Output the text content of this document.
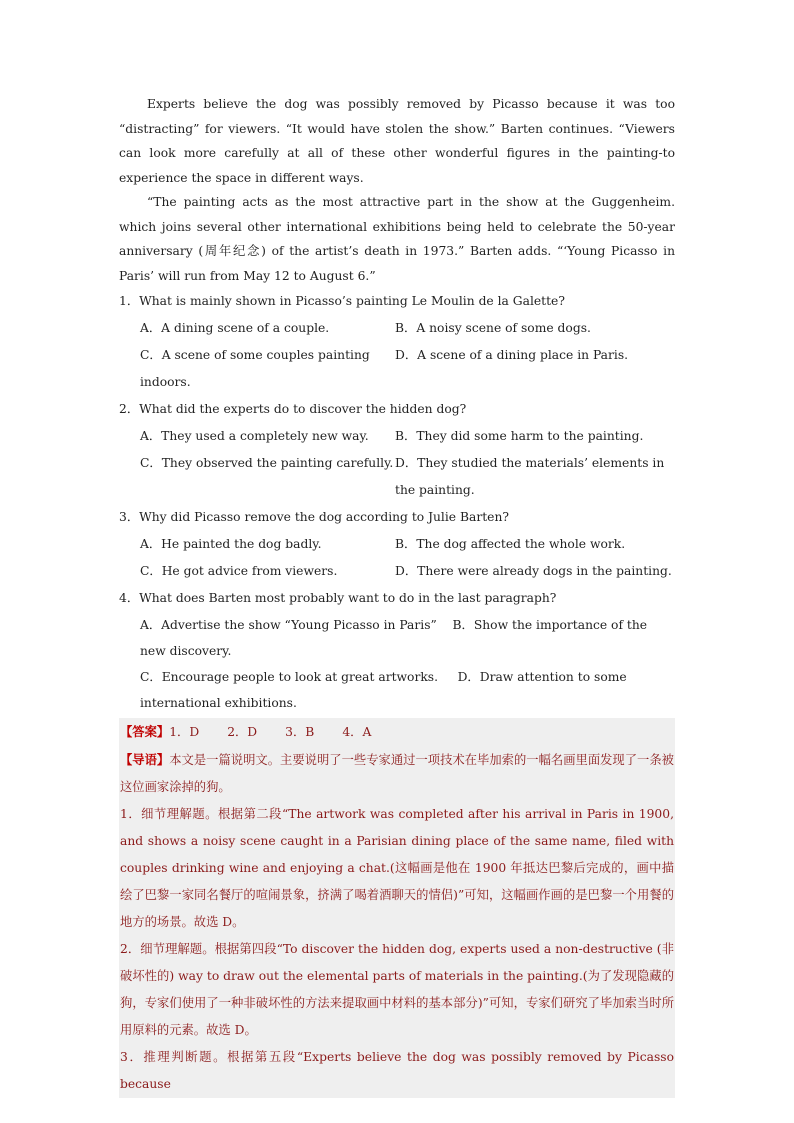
Experts believe the dog was possibly removed by Picasso because it was too “distracting” for viewers. “It would have stolen the show.” Barten continues. “Viewers can look more carefully at all of these other wonderful figures in the painting-to experience the space in different ways.

“The painting acts as the most attractive part in the show at the Guggenheim. which joins several other international exhibitions being held to celebrate the 50-year anniversary (周年纪念) of the artist’s death in 1973.” Barten adds. “‘Young Picasso in Paris’ will run from May 12 to August 6.”

1．What is mainly shown in Picasso’s painting Le Moulin de la Galette?

A．A dining scene of a couple.	B．A noisy scene of some dogs.
C．A scene of some couples painting indoors.
D．A scene of a dining place in Paris.

2．What did the experts do to discover the hidden dog?

A．They used a completely new way.	B．They did some harm to the painting.
C．They observed the painting carefully. D．They studied the materials’ elements in the painting.

3．Why did Picasso remove the dog according to Julie Barten?

A．He painted the dog badly.	B．The dog affected the whole work.
C．He got advice from viewers.	D．There were already dogs in the painting.

4．What does Barten most probably want to do in the last paragraph?

A．Advertise the show “Young Picasso in Paris” B．Show the importance of the new discovery.
C．Encourage people to look at great artworks. D．Draw attention to some international exhibitions.

【答案】1．D 2．D 3．B 4．A

【导语】本文是一篇说明文。主要说明了一些专家通过一项技术在毕加索的一幅名画里面发现了一条被这位画家涂掉的狗。

1．细节理解题。根据第二段“The artwork was completed after his arrival in Paris in 1900, and shows a noisy scene caught in a Parisian dining place of the same name, filed with couples drinking wine and enjoying a chat.(这幅画是他在 1900 年抵达巴黎后完成的，画中描绘了巴黎一家同名餐厅的喧闹景象，挤满了喝着酒聊天的情侣)”可知，这幅画作画的是巴黎一个用餐的地方的场景。故选 D。

2．细节理解题。根据第四段“To discover the hidden dog, experts used a non-destructive (非破坏性的) way to draw out the elemental parts of materials in the painting.(为了发现隐藏的狗，专家们使用了一种非破坏性的方法来提取画中材料的基本部分)”可知，专家们研究了毕加索当时所用原料的元素。故选 D。

3．推理判断题。根据第五段“Experts believe the dog was possibly removed by Picasso because
